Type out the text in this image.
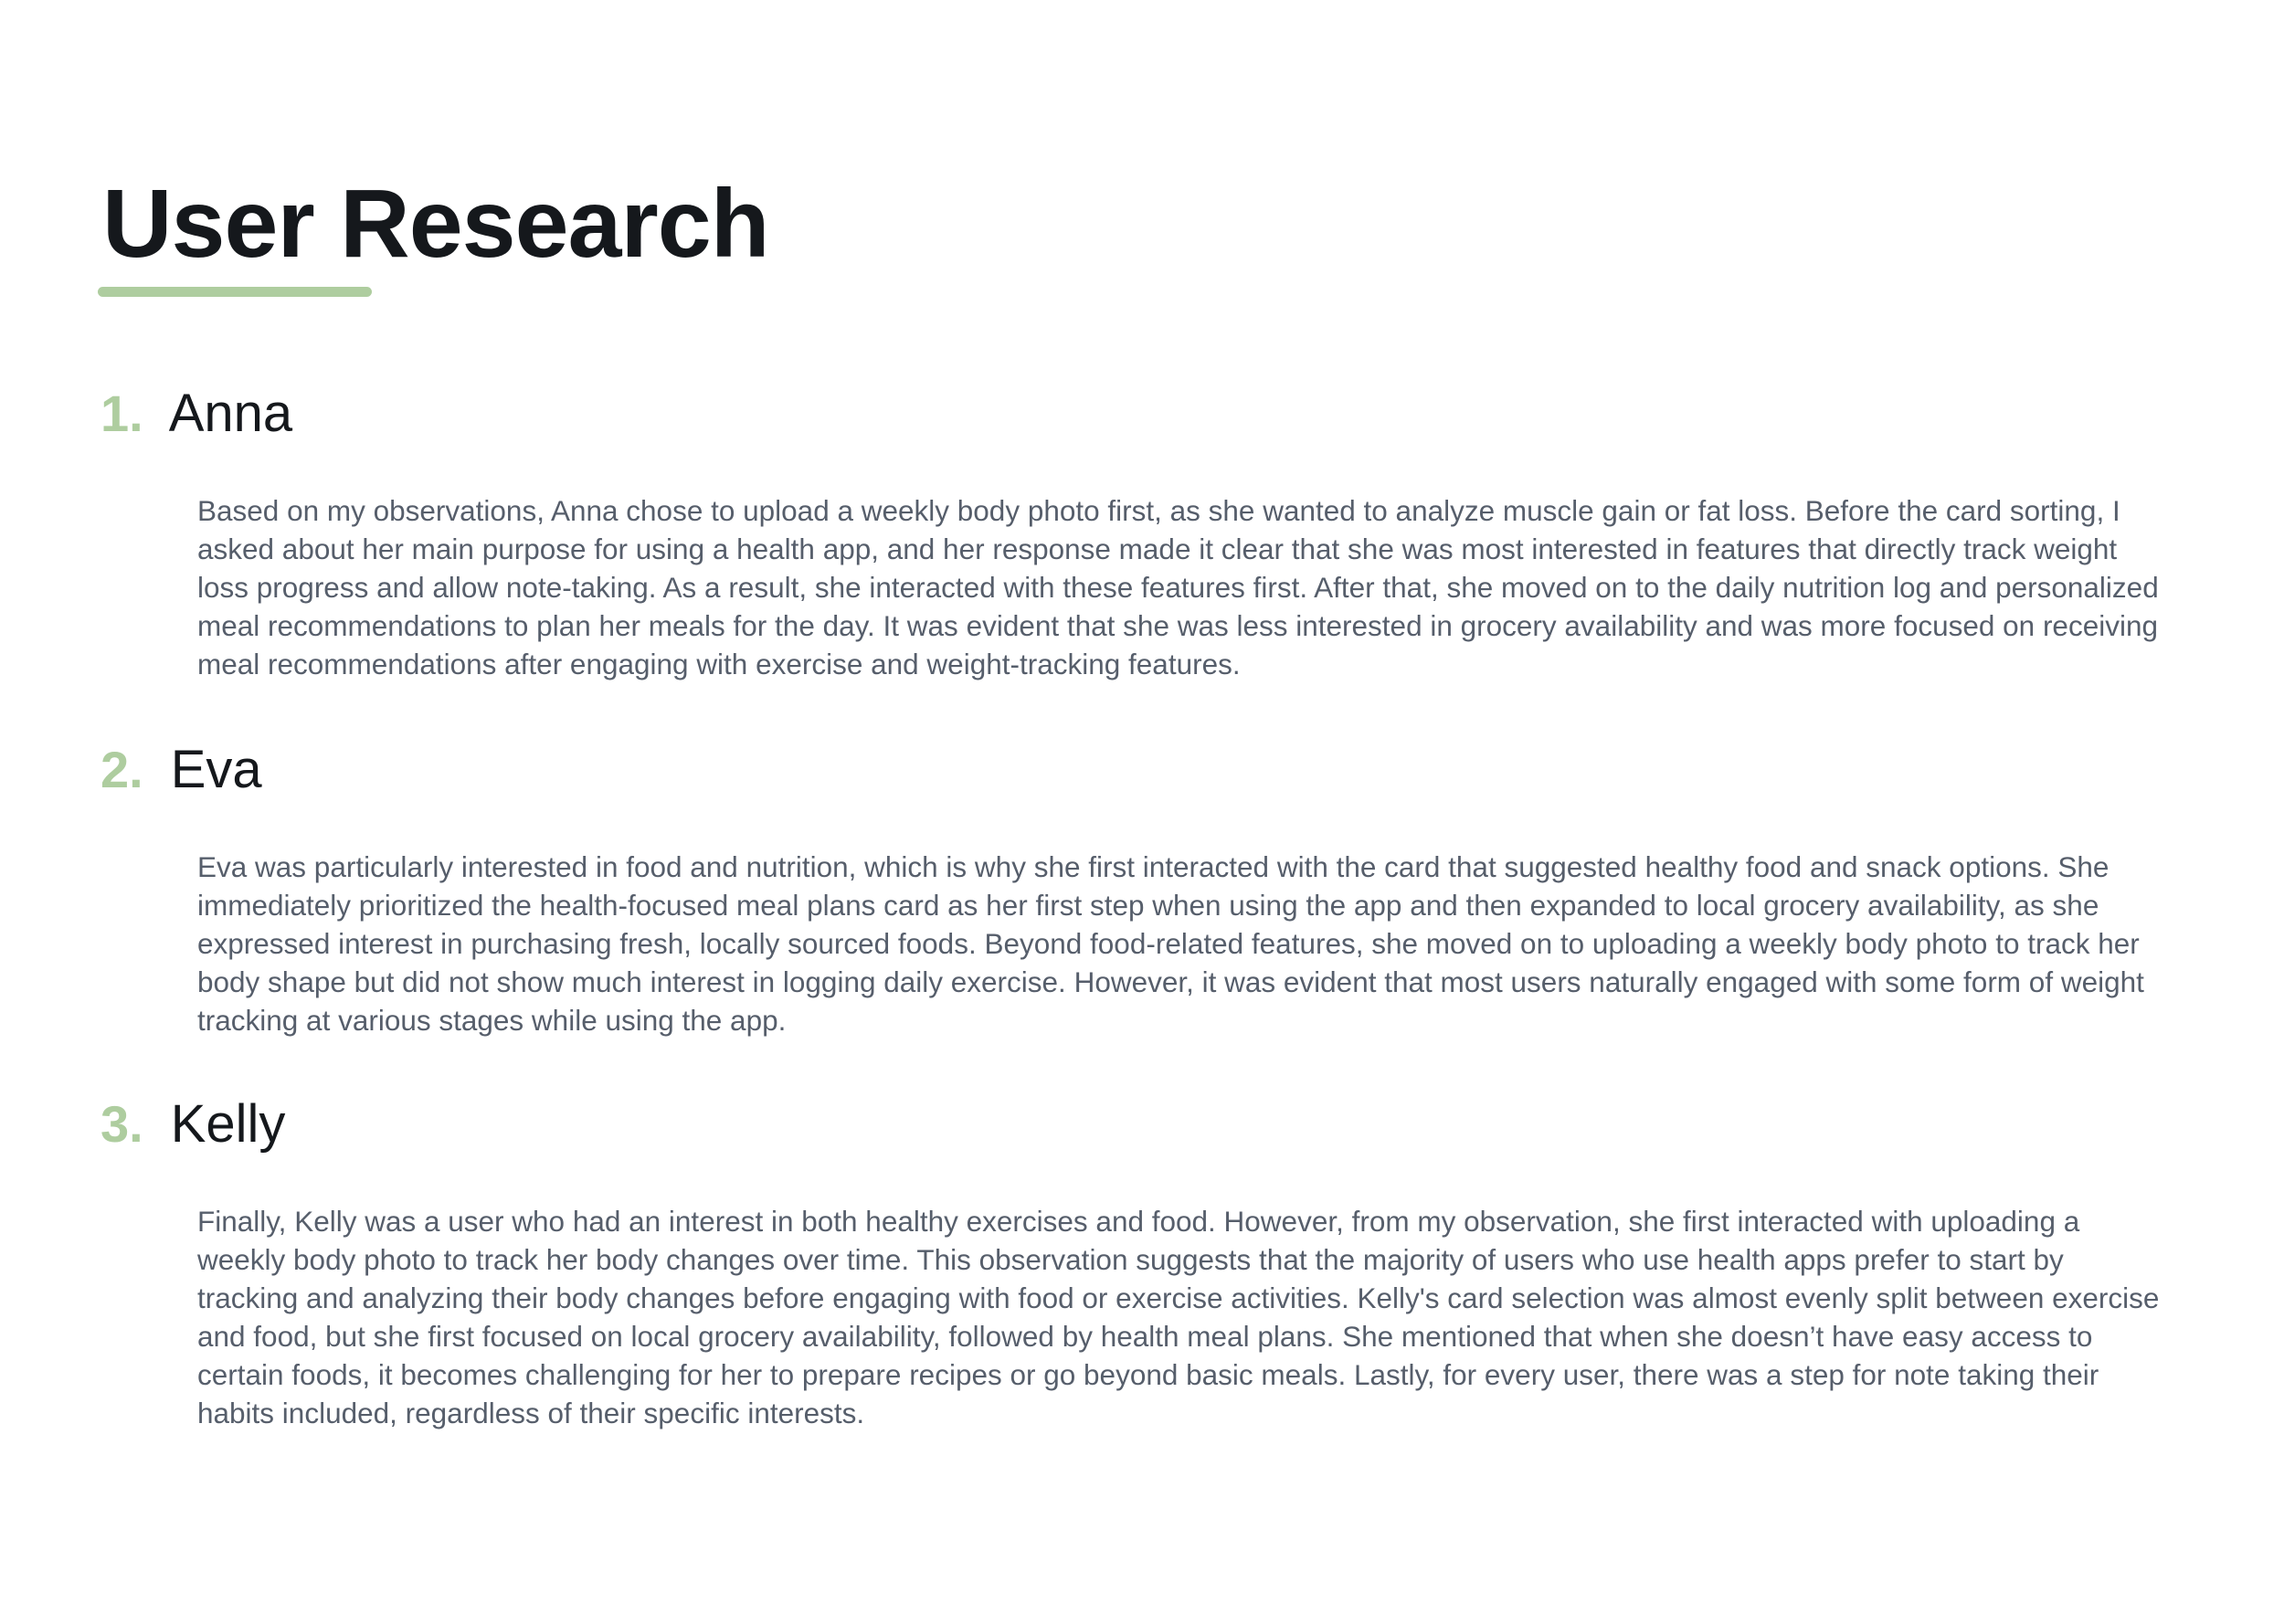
User Research
1. Anna

Based on my observations, Anna chose to upload a weekly body photo first, as she wanted to analyze muscle gain or fat loss. Before the card sorting, I asked about her main purpose for using a health app, and her response made it clear that she was most interested in features that directly track weight loss progress and allow note-taking. As a result, she interacted with these features first. After that, she moved on to the daily nutrition log and personalized meal recommendations to plan her meals for the day. It was evident that she was less interested in grocery availability and was more focused on receiving meal recommendations after engaging with exercise and weight-tracking features.

2. Eva

Eva was particularly interested in food and nutrition, which is why she first interacted with the card that suggested healthy food and snack options. She immediately prioritized the health-focused meal plans card as her first step when using the app and then expanded to local grocery availability, as she expressed interest in purchasing fresh, locally sourced foods. Beyond food-related features, she moved on to uploading a weekly body photo to track her body shape but did not show much interest in logging daily exercise. However, it was evident that most users naturally engaged with some form of weight tracking at various stages while using the app.

3. Kelly

Finally, Kelly was a user who had an interest in both healthy exercises and food. However, from my observation, she first interacted with uploading a weekly body photo to track her body changes over time. This observation suggests that the majority of users who use health apps prefer to start by tracking and analyzing their body changes before engaging with food or exercise activities. Kelly's card selection was almost evenly split between exercise and food, but she first focused on local grocery availability, followed by health meal plans. She mentioned that when she doesn’t have easy access to certain foods, it becomes challenging for her to prepare recipes or go beyond basic meals. Lastly, for every user, there was a step for note taking their habits included, regardless of their specific interests.
